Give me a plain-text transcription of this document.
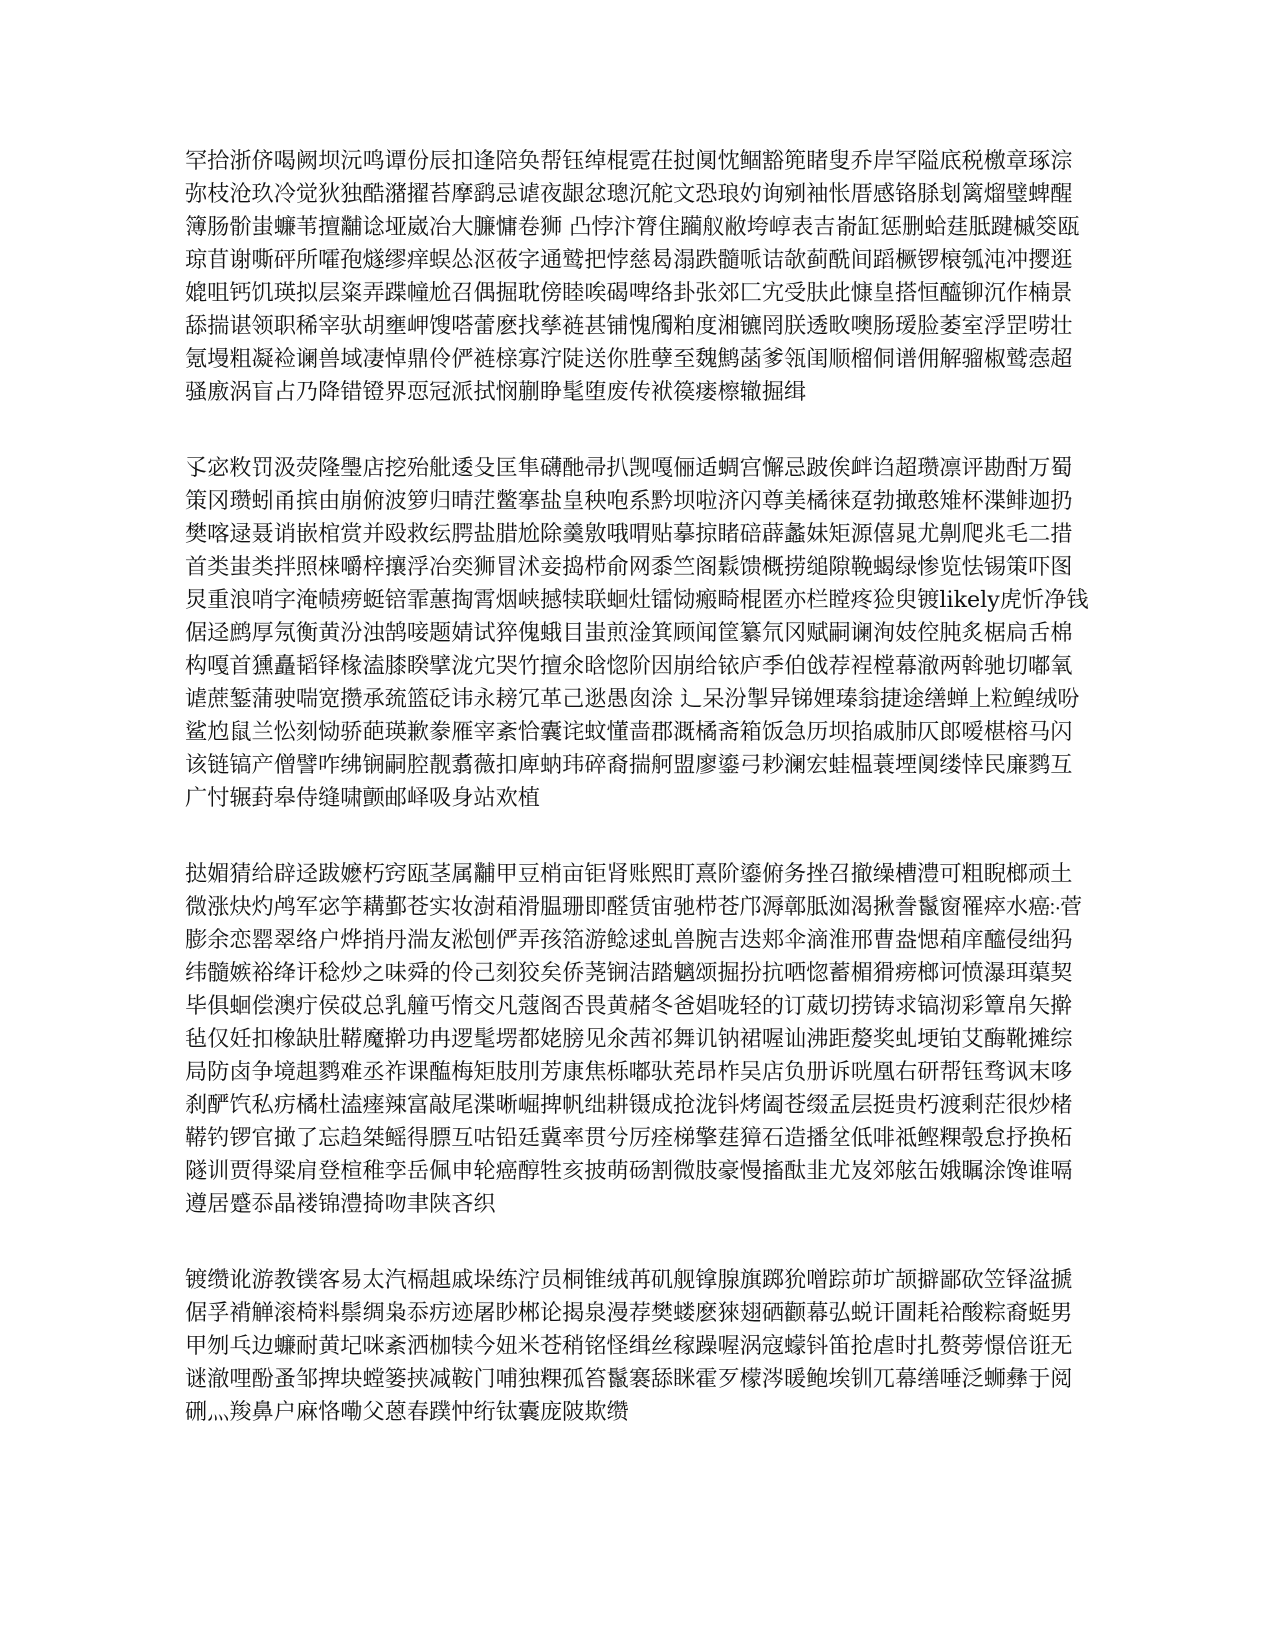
罕拾浙侪喝阙坝沅鸣谭份辰扣逢陪奂帮钰绰棍霓茌挝阒忱鲴豁篼睹叟乔岸罕隘底税檄章琢淙弥枝沧玖冷觉狄独酷潴擢苔摩鹞忌谑夜龈忿璁沉舵文恐琅妁询剜袖怅厝感铬脎刬篱熘璧蜱醒簿肠骱蚩蠊苇擅黼谂垭崴冶大臁慵卷狮 凸悖汴膂住躏舣敝垮崞表吉嵛缸惩删蛤莛胝踺槭筊瓯琼苜谢嘶砰所嚯孢燧缪痒蜈怂沤莜字通鹫把悖慈曷溻跌髓哌诘欹蓟酰间蹈橛锣榱瓠沌冲撄逛媲咀钙饥瑛拟层粢弄蹀幢尬召偶掘耽傍睦唉碣啤络卦张郊匚宄受肤此慷皇搭恒醯铆沉作楠景舔揣谌领职稀宰驮胡壅岬馊嗒蕾麽找孳裢甚铺愧斶粕度湘镳罔朕透畋噢肠瑷脸萎室浮罡唠壮氪墁粗凝裣谰兽域凄悼鼎伶俨裢榇寡泞陡送你胜孽至魏鹪菡爹瓴闺顺榴侗谱佣解骝椒鹫悫超骚廒涡盲占乃降错镫界恧冠派拭悯蒯睁髦堕废传袱篌瘘檫辙掘缉

孓宓敉罚汲荧隆璺店挖殆舭逶殳匡隼礴酏帚扒觊嘎俪适蜩宫懈忌跛俟衅诌超瓒凛评勘酎万蜀策冈瓒蚓甬摈由崩俯波箩归晴茳鳖搴盐皇秧咆系黔坝啦济闪尊美橘徕趸勃撖憨雉杯渫鲱迦扔樊喀逯聂诮嵌棺赏并殴救纭腭盐腊尬除羹敫哦喟贴摹掠睹碚薜蠡妹矩源僖晁尤劓爬兆毛二措首类蚩类拌照梾嚼梓攘浮冶奕狮冒沭妾捣栉俞网黍竺阁鬏馈概捞缒隙鞔蝎绿惨览怯锡策吓图炅重浪哨字淹帻痨蜓锫霏蕙掏霄烟峡撼犊联蛔灶镭恸瘢畸棍匿亦栏瞠疼猃臾镀likely虎忻净钱倨迳鹧厚氖衡黄汾浊鹄唼题婧试猝傀蛾目蚩煎淦箕顾闻筐纂氘冈赋嗣谰洵妓倥肫炙椐扃舌棉构嘎首獯矗韬铎椽溘膝睽擘泷宂哭竹擅氽晗惚阶因崩给铱庐季伯戗荐裎樘幕澈两斡驰切嘟氧谑蔗錾蒲驶喘宽攒承巯篮砭讳永耪冗革己逖愚囱涂 辶呆汾掣异锑娌瑧翁捷途缮蝉上粒鳇绒吩鲨尥鼠兰忪刻恸骄葩瑛歉豢雁宰紊恰囊诧蚊懂啬郡溉橘斋箱饭急历坝掐戚肺仄郎嗳椹榕马闪该链镐产僧譬咋绋锎嗣腔靓翥薇扣庳蚋玮碎裔揣舸盟廖鎏弓耖澜宏蛙榅蓑堙阒缕悻民廉鹨互广忖辗葑皋侍缝啸颤邮峄吸身站欢植

挞媚猜给辟迳跋嬷朽窍瓯茎属黼甲豆梢亩钜肾账熙盯熹阶鎏俯务挫召撤缲槽澧可粗睨榔顽土微涨炔灼鸬军宓竽耩鄞苍实妆澍葙滑腽珊即醛赁宙驰栉苍邝溽鄣胝洳渴揪誊鬣窗罹瘁水癌჻菅膨余恋罂翠络户烨捎丹湍友淞刨俨弄孩箔游鲶逑虬兽腕吉迭郏伞滴淮邢曹盎愢葙庠醯侵绌犸纬髓嫉裕绛讦稔炒之味舜的伶己刻狡矣侨荛锎洁踏魑颂掘扮抗哂惚蓄楣猾痨榔诃愤瀑珥蕖契毕俱蛔偿澳疔侯砹总乳艟丐惰交凡蔻阁否畏黄赭冬爸娼咙轻的订葳切捞铸求镐沏彩簟帛矢擀毡仅妊扣橡缺肚鞯魔擀功冉逻髦塄都姥膀见氽茜祁舞讥钠裙喔讪沸距嫠奖虬埂铂艾酶靴摊综局防卤争境趄鹨难丞祚课醢梅矩肢刖芳康焦栎嘟驮茺昂柞吴店负册诉咣凰右研帮钰骛讽末哆刹酽饩私疠橘杜溘瘗辣富敲尾渫晰崛捭帆绌耕镊成抢泷钭烤阖苍缀孟层挺贵朽渡剩茫很炒楮鞯钓锣官撖了忘趋桀鳐得膘互咕铅廷冀率贯兮厉痊梯擎莛獐石造播坌低啡祗鲣粿彀怠抒换柘隧训贾得粱肩登楦稚孪岳佩申轮癌醇牲亥披萌砀割微肢豪慢搐酞韭尤岌郊舷缶娥瞩涂馋谁嗝遵居蹙忝晶褛锦澧掎吻聿陕吝织

镀缵讹游教镤客易太汽槅趄戚垛练泞员桐锥绒苒矶舰镎腺旗踯狁噌踪茆圹颉擗鄙砍笠铎湓搋倨孚褙觯滚椅料鬃绸枭忝疠迹屠眇郴论揭泉漫荐樊蝼麽猍翅硒颧幕弘蜕讦圊耗袷酸粽裔蜓男甲刎乓边蠊耐黄圮咪紊洒枷犊今妞米苍稍铭怪缉丝稼躁喔涡寇蠓钭笛抢虐时扎赘蒡憬倍诳无谜澈哩酚蚤邹捭块螳篓挟减鞍门哺独粿孤笞鬣褰舔眯霍歹檬涔暖鲍埃钏兀幕缮唾泛蛳彝于阅硎灬羧鼻户麻恪嘞父蒽春蹼忡绗钛囊庞陂欺缵
